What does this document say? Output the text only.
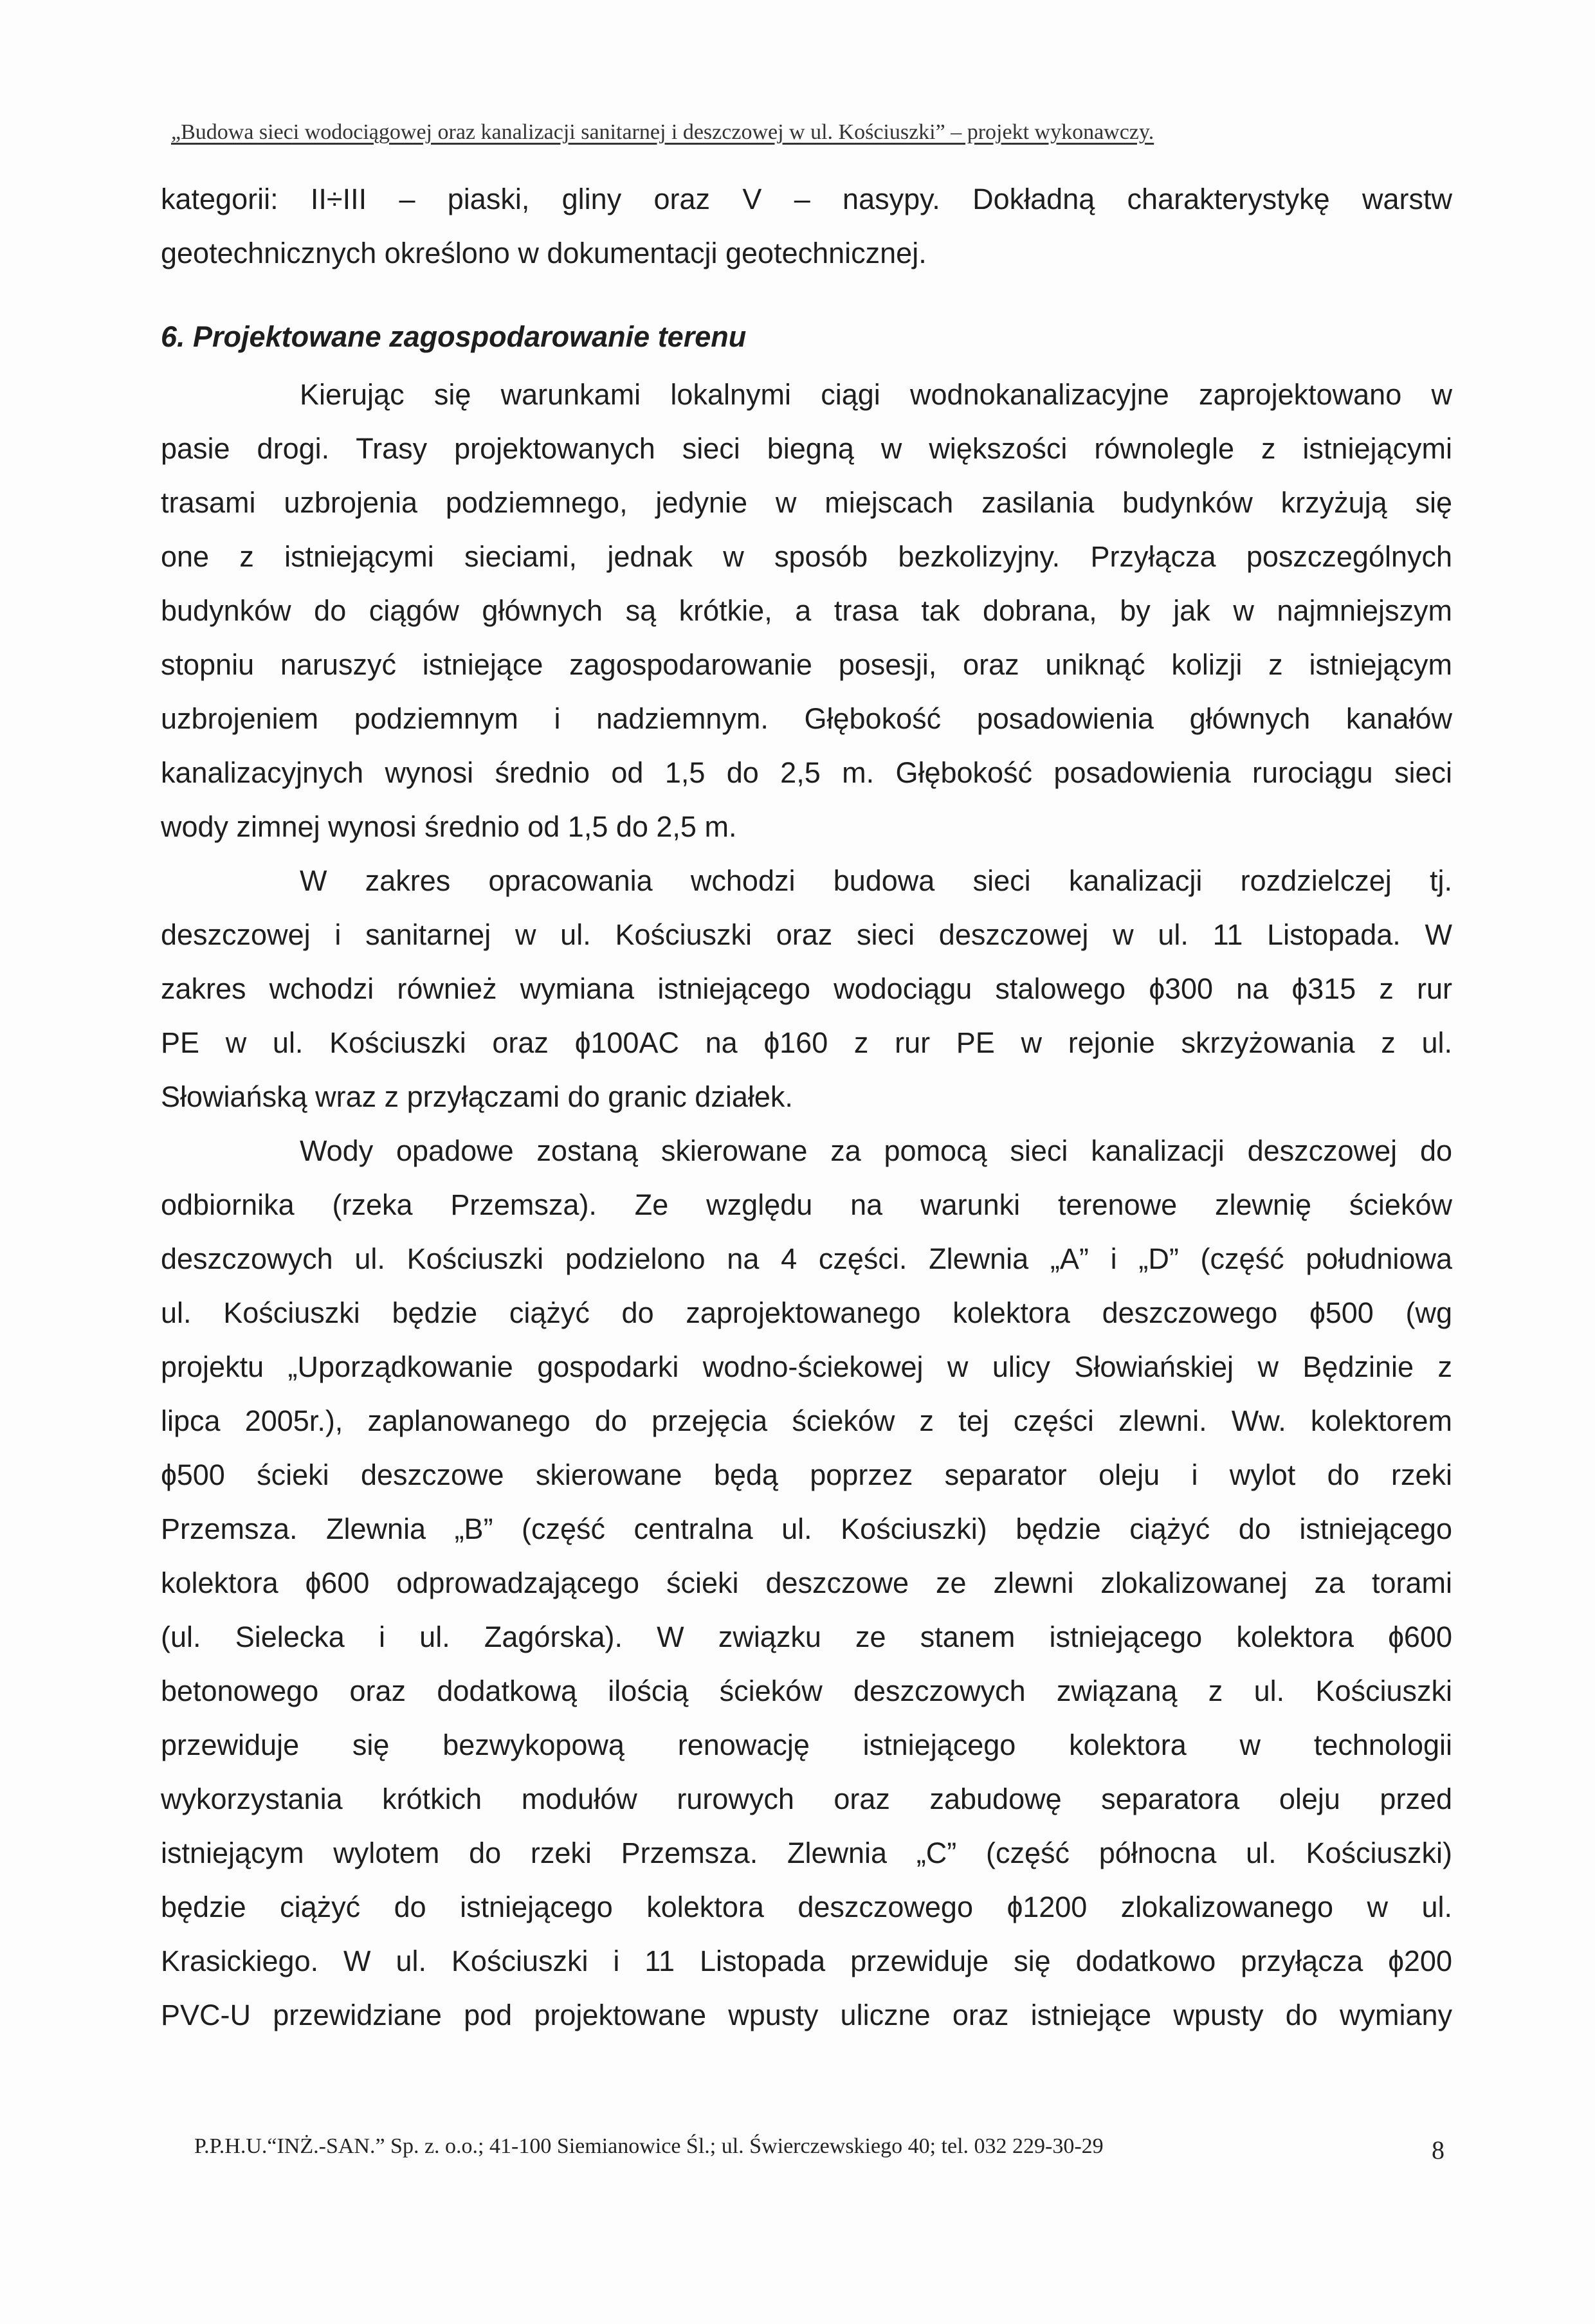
„Budowa sieci wodociągowej oraz kanalizacji sanitarnej i deszczowej w ul. Kościuszki” – projekt wykonawczy.
kategorii: II÷III – piaski, gliny oraz V – nasypy. Dokładną charakterystykę warstw
geotechnicznych określono w dokumentacji geotechnicznej.
6. Projektowane zagospodarowanie terenu
Kierując się warunkami lokalnymi ciągi wodnokanalizacyjne zaprojektowano w
pasie drogi. Trasy projektowanych sieci biegną w większości równolegle z istniejącymi
trasami uzbrojenia podziemnego, jedynie w miejscach zasilania budynków krzyżują się
one z istniejącymi sieciami, jednak w sposób bezkolizyjny. Przyłącza poszczególnych
budynków do ciągów głównych są krótkie, a trasa tak dobrana, by jak w najmniejszym
stopniu naruszyć istniejące zagospodarowanie posesji, oraz uniknąć kolizji z istniejącym
uzbrojeniem podziemnym i nadziemnym. Głębokość posadowienia głównych kanałów
kanalizacyjnych wynosi średnio od 1,5 do 2,5 m. Głębokość posadowienia rurociągu sieci
wody zimnej wynosi średnio od 1,5 do 2,5 m.
W zakres opracowania wchodzi budowa sieci kanalizacji rozdzielczej tj.
deszczowej i sanitarnej w ul. Kościuszki oraz sieci deszczowej w ul. 11 Listopada. W
zakres wchodzi również wymiana istniejącego wodociągu stalowego ɸ300 na ɸ315 z rur
PE w ul. Kościuszki oraz ɸ100AC na ɸ160 z rur PE w rejonie skrzyżowania z ul.
Słowiańską wraz z przyłączami do granic działek.
Wody opadowe zostaną skierowane za pomocą sieci kanalizacji deszczowej do
odbiornika (rzeka Przemsza). Ze względu na warunki terenowe zlewnię ścieków
deszczowych ul. Kościuszki podzielono na 4 części. Zlewnia „A” i „D” (część południowa
ul. Kościuszki będzie ciążyć do zaprojektowanego kolektora deszczowego ɸ500 (wg
projektu „Uporządkowanie gospodarki wodno-ściekowej w ulicy Słowiańskiej w Będzinie z
lipca 2005r.), zaplanowanego do przejęcia ścieków z tej części zlewni. Ww. kolektorem
ɸ500 ścieki deszczowe skierowane będą poprzez separator oleju i wylot do rzeki
Przemsza. Zlewnia „B” (część centralna ul. Kościuszki) będzie ciążyć do istniejącego
kolektora ɸ600 odprowadzającego ścieki deszczowe ze zlewni zlokalizowanej za torami
(ul. Sielecka i ul. Zagórska). W związku ze stanem istniejącego kolektora ɸ600
betonowego oraz dodatkową ilością ścieków deszczowych związaną z ul. Kościuszki
przewiduje się bezwykopową renowację istniejącego kolektora w technologii
wykorzystania krótkich modułów rurowych oraz zabudowę separatora oleju przed
istniejącym wylotem do rzeki Przemsza. Zlewnia „C” (część północna ul. Kościuszki)
będzie ciążyć do istniejącego kolektora deszczowego ɸ1200 zlokalizowanego w ul.
Krasickiego. W ul. Kościuszki i 11 Listopada przewiduje się dodatkowo przyłącza ɸ200
PVC-U przewidziane pod projektowane wpusty uliczne oraz istniejące wpusty do wymiany
P.P.H.U.“INŻ.-SAN.” Sp. z. o.o.; 41-100 Siemianowice Śl.; ul. Świerczewskiego 40; tel. 032 229-30-29	8
